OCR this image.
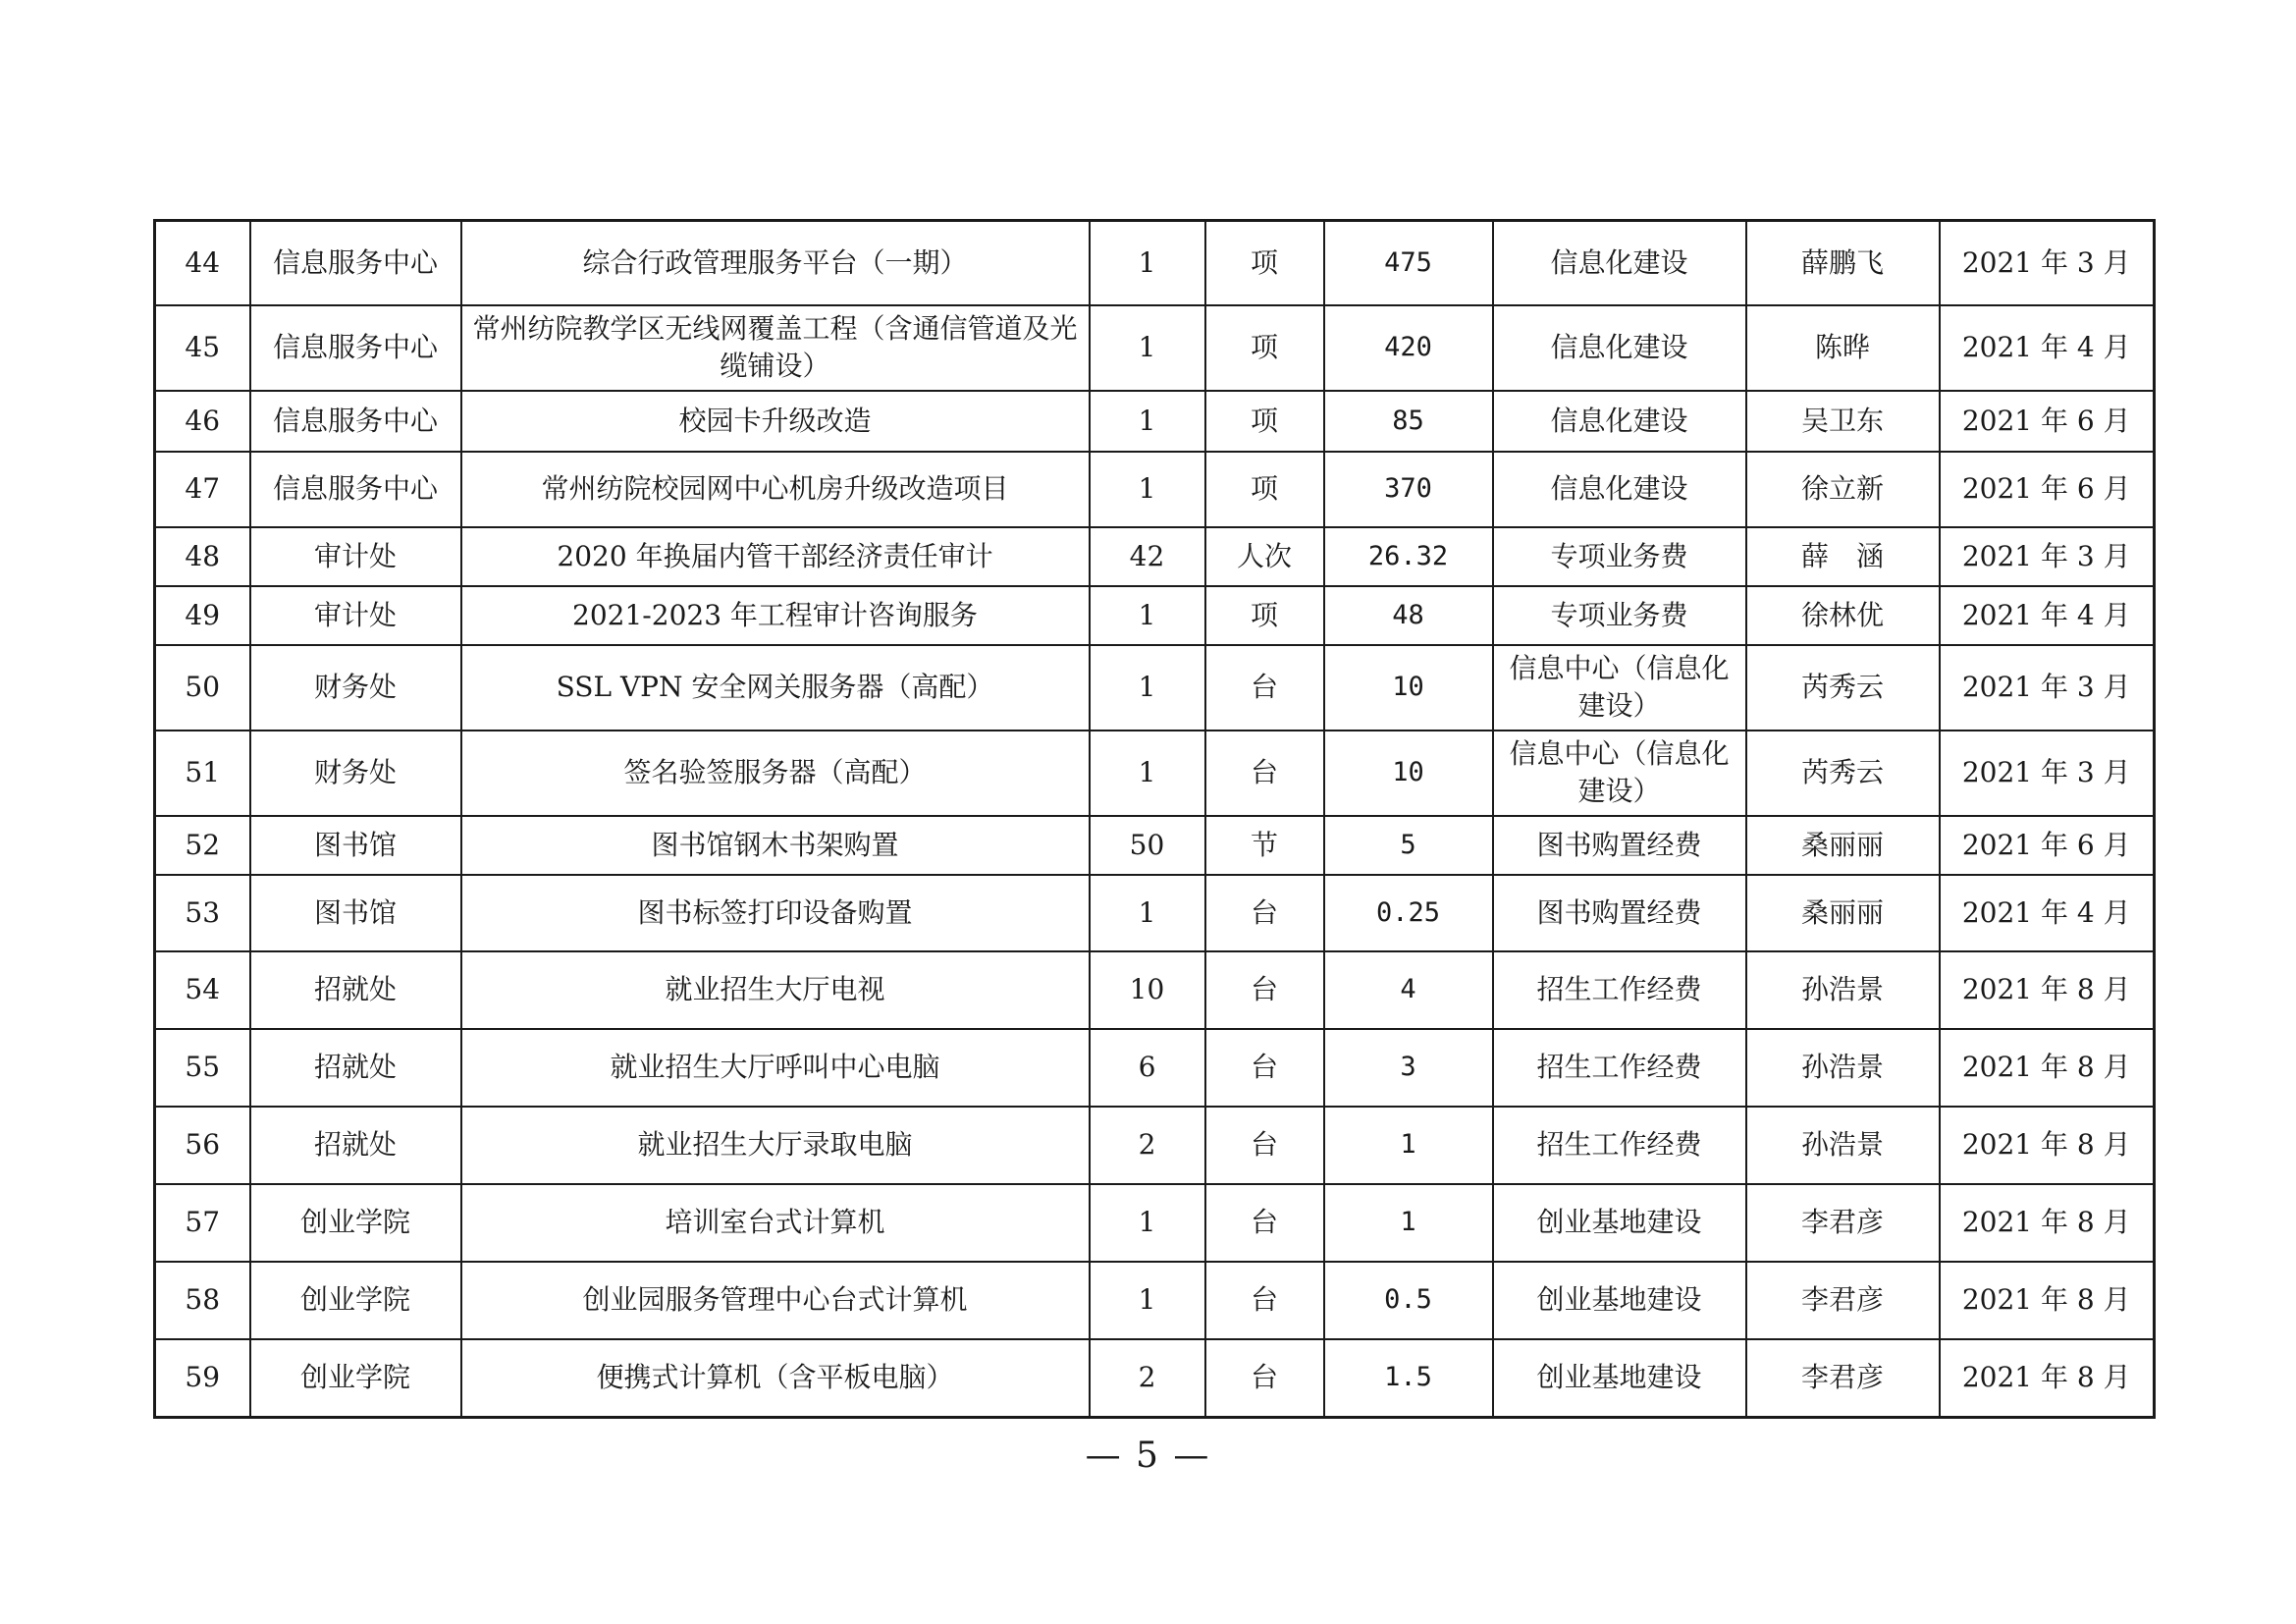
44	信息服务中心	综合行政管理服务平台（一期）	1	项	475	信息化建设	薛鹏飞	2021 年 3 月
45	信息服务中心	常州纺院教学区无线网覆盖工程（含通信管道及光缆铺设）	1	项	420	信息化建设	陈晔	2021 年 4 月
46	信息服务中心	校园卡升级改造	1	项	85	信息化建设	吴卫东	2021 年 6 月
47	信息服务中心	常州纺院校园网中心机房升级改造项目	1	项	370	信息化建设	徐立新	2021 年 6 月
48	审计处	2020 年换届内管干部经济责任审计	42	人次	26.32	专项业务费	薛　涵	2021 年 3 月
49	审计处	2021-2023 年工程审计咨询服务	1	项	48	专项业务费	徐林优	2021 年 4 月
50	财务处	SSL VPN 安全网关服务器（高配）	1	台	10	信息中心（信息化建设）	芮秀云	2021 年 3 月
51	财务处	签名验签服务器（高配）	1	台	10	信息中心（信息化建设）	芮秀云	2021 年 3 月
52	图书馆	图书馆钢木书架购置	50	节	5	图书购置经费	桑丽丽	2021 年 6 月
53	图书馆	图书标签打印设备购置	1	台	0.25	图书购置经费	桑丽丽	2021 年 4 月
54	招就处	就业招生大厅电视	10	台	4	招生工作经费	孙浩景	2021 年 8 月
55	招就处	就业招生大厅呼叫中心电脑	6	台	3	招生工作经费	孙浩景	2021 年 8 月
56	招就处	就业招生大厅录取电脑	2	台	1	招生工作经费	孙浩景	2021 年 8 月
57	创业学院	培训室台式计算机	1	台	1	创业基地建设	李君彦	2021 年 8 月
58	创业学院	创业园服务管理中心台式计算机	1	台	0.5	创业基地建设	李君彦	2021 年 8 月
59	创业学院	便携式计算机（含平板电脑）	2	台	1.5	创业基地建设	李君彦	2021 年 8 月
— 5 —
